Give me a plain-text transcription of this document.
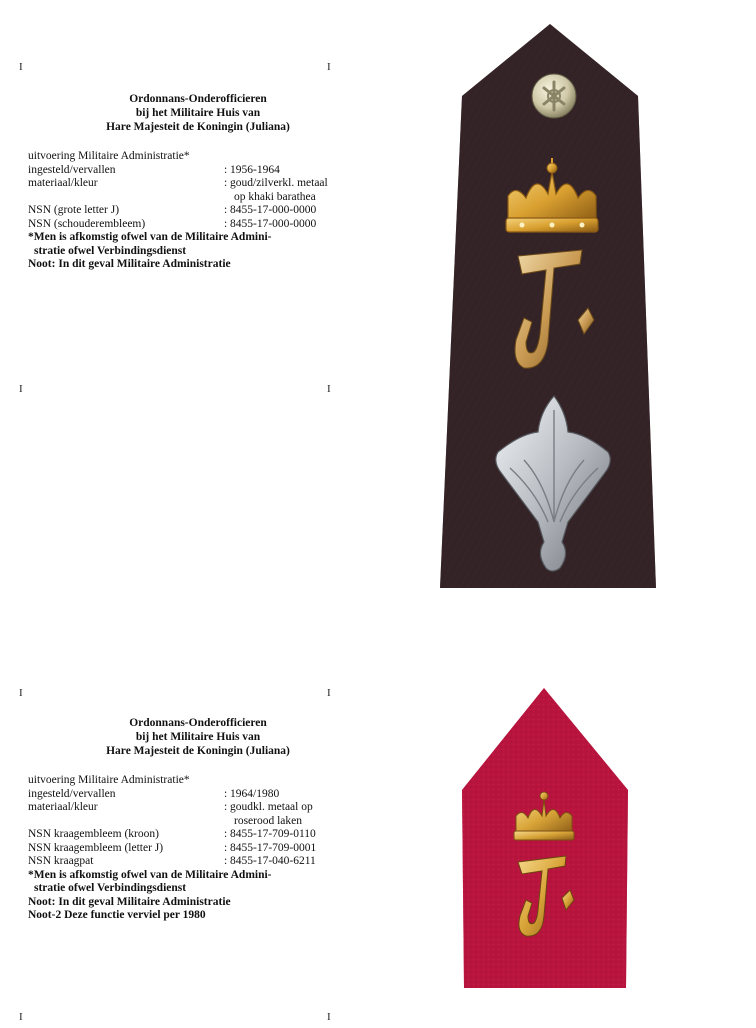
I	I
I	I
I	I
I	I
Ordonnans-Onderofficieren
bij het Militaire Huis van
Hare Majesteit de Koningin (Juliana)
uitvoering Militaire Administratie*
ingesteld/vervallen	: 1956-1964
materiaal/kleur	: goud/zilverkl. metaal
op khaki barathea
NSN (grote letter J)	: 8455-17-000-0000
NSN (schouderembleem)	: 8455-17-000-0000
*Men is afkomstig ofwel van de Militaire Admini-
stratie ofwel Verbindingsdienst
Noot: In dit geval Militaire Administratie
Ordonnans-Onderofficieren
bij het Militaire Huis van
Hare Majesteit de Koningin (Juliana)
uitvoering Militaire Administratie*
ingesteld/vervallen	: 1964/1980
materiaal/kleur	: goudkl. metaal op
roserood laken
NSN kraagembleem (kroon)	: 8455-17-709-0110
NSN kraagembleem (letter J)	: 8455-17-709-0001
NSN kraagpat	: 8455-17-040-6211
*Men is afkomstig ofwel van de Militaire Admini-
stratie ofwel Verbindingsdienst
Noot: In dit geval Militaire Administratie
Noot-2 Deze functie verviel per 1980
